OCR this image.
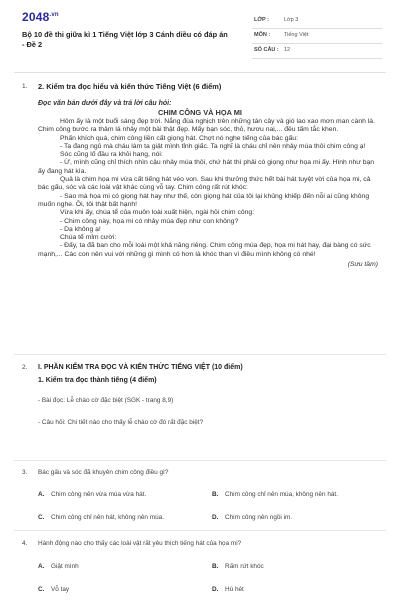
$2048^{.vn}$
Bộ 10 đề thi giữa kì 1 Tiếng Việt lớp 3 Cánh diều có đáp án - Đề 2
LỚP :	Lớp 3
MÔN :	Tiếng Việt
SỐ CÂU : 12
1. 2. Kiểm tra đọc hiểu và kiến thức Tiếng Việt (6 điểm)
Đọc văn bản dưới đây và trả lời câu hỏi:
CHIM CÔNG VÀ HỌA MI

Hôm ấy là một buổi sáng đẹp trời. Nắng đùa nghịch trên những tán cây và gió lao xao mơn man cành lá. Chim công bước ra thảm lá nhảy một bài thật đẹp. Mấy bạn sóc, thỏ, hươu nai,... đều tấm tắc khen.

Phấn khích quá, chim công liền cất giọng hát. Chợt nó nghe tiếng của bác gấu:

- Ta đang ngủ mà cháu làm ta giật mình tỉnh giấc. Ta nghĩ là cháu chỉ nên nhảy múa thôi chim công ạ!

Sóc cũng lố đầu ra khỏi hang, nói:

- Ừ, mình cũng chỉ thích nhìn cậu nhảy múa thôi, chứ hát thì phải có giọng như họa mi ấy. Hình như bạn ấy đang hát kìa.

Quả là chim họa mi vừa cất tiếng hát véo von. Sau khi thưởng thức hết bài hát tuyệt vời của họa mi, cả bác gấu, sóc và các loài vật khác cùng vỗ tay. Chim công rất rút khóc:

- Sao mà họa mi có giọng hát hay như thế, còn giọng hát của tôi lại khủng khiếp đến nỗi ai cũng không muốn nghe. Ôi, tôi thật bất hạnh!

Vừa khi ấy, chúa tể của muôn loài xuất hiện, ngài hỏi chim công:

- Chim công này, họa mi có nhảy múa đẹp như con không?

- Dạ không ạ!

Chúa tể mỉm cười:

- Đấy, ta đã ban cho mỗi loài một khả năng riêng. Chim công múa đẹp, họa mi hát hay, đại bàng có sức mạnh,... Các con nên vui với những gì mình có hơn là khóc than vì điều mình không có nhé!

(Sưu tầm)

2. I. PHẦN KIỂM TRA ĐỌC VÀ KIẾN THỨC TIẾNG VIỆT (10 điểm)
1. Kiểm tra đọc thành tiếng (4 điểm)
- Bài đọc: Lễ chào cờ đặc biệt (SGK - trang 8,9)
- Câu hỏi: Chi tiết nào cho thấy lễ chào cờ đó rất đặc biệt?
3. Bác gấu và sóc đã khuyên chim công điều gì?
A. Chim công nên vừa múa vừa hát.	B. Chim công chỉ nên múa, không nên hát.
C. Chim công chỉ nên hát, không nên múa.	D. Chim công nên ngồi im.
4. Hành động nào cho thấy các loài vật rất yêu thích tiếng hát của họa mi?
A. Giật mình	B. Rấm rứt khóc
C. Vỗ tay	D. Hú hét
